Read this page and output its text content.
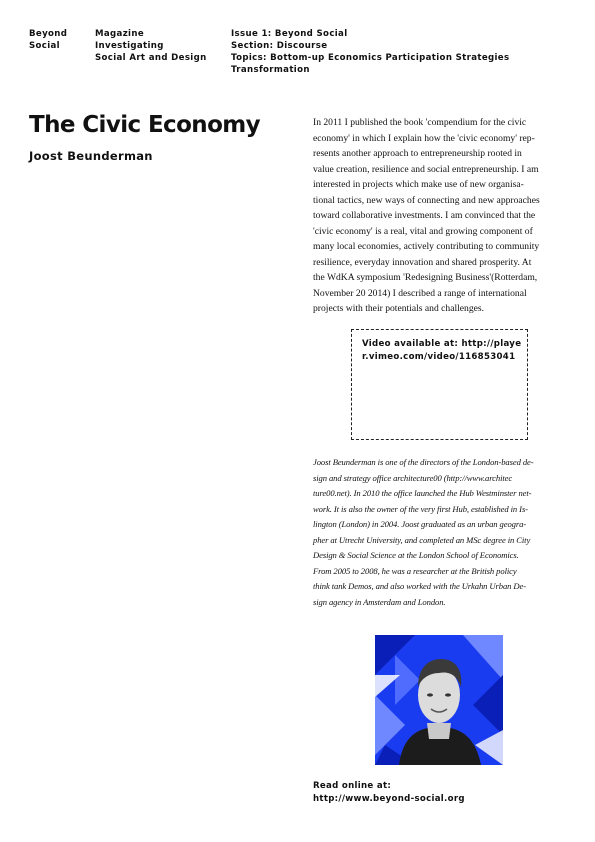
Beyond
Social
Magazine
Investigating
Social Art and Design
Issue 1: Beyond Social
Section: Discourse
Topics: Bottom-up Economics Participation Strategies
Transformation
The Civic Economy
Joost Beunderman
In 2011 I published the book 'compendium for the civic
economy' in which I explain how the 'civic economy' rep-
resents another approach to entrepreneurship rooted in
value creation, resilience and social entrepreneurship. I am
interested in projects which make use of new organisa-
tional tactics, new ways of connecting and new approaches
toward collaborative investments. I am convinced that the
'civic economy' is a real, vital and growing component of
many local economies, actively contributing to community
resilience, everyday innovation and shared prosperity. At
the WdKA symposium 'Redesigning Business'(Rotterdam,
November 20 2014) I described a range of international
projects with their potentials and challenges.
Video available at: http://playe
r.vimeo.com/video/116853041
Joost Beunderman is one of the directors of the London-based de-
sign and strategy office architecture00 (http://www.architec
ture00.net). In 2010 the office launched the Hub Westminster net-
work. It is also the owner of the very first Hub, established in Is-
lington (London) in 2004. Joost graduated as an urban geogra-
pher at Utrecht University, and completed an MSc degree in City
Design & Social Science at the London School of Economics.
From 2005 to 2008, he was a researcher at the British policy
think tank Demos, and also worked with the Urkahn Urban De-
sign agency in Amsterdam and London.
Read online at:
http://www.beyond-social.org
